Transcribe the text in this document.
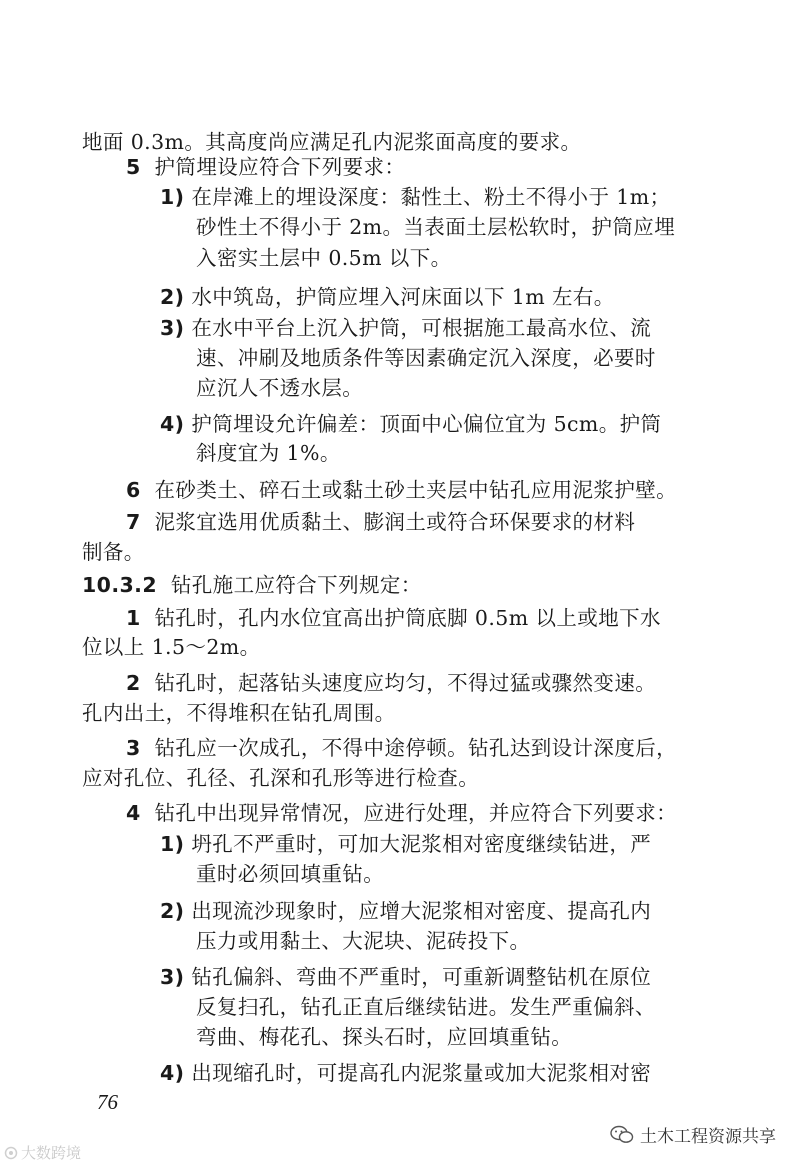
地面 0.3m。其高度尚应满足孔内泥浆面高度的要求。
5 护筒埋设应符合下列要求：
1) 在岸滩上的埋设深度：黏性土、粉土不得小于 1m；
砂性土不得小于 2m。当表面土层松软时，护筒应埋
入密实土层中 0.5m 以下。
2) 水中筑岛，护筒应埋入河床面以下 1m 左右。
3) 在水中平台上沉入护筒，可根据施工最高水位、流
速、冲刷及地质条件等因素确定沉入深度，必要时
应沉人不透水层。
4) 护筒埋设允许偏差：顶面中心偏位宜为 5cm。护筒
斜度宜为 1%。
6 在砂类土、碎石土或黏土砂土夹层中钻孔应用泥浆护壁。
7 泥浆宜选用优质黏土、膨润土或符合环保要求的材料
制备。
10.3.2 钻孔施工应符合下列规定：
1 钻孔时，孔内水位宜高出护筒底脚 0.5m 以上或地下水
位以上 1.5～2m。
2 钻孔时，起落钻头速度应均匀，不得过猛或骤然变速。
孔内出土，不得堆积在钻孔周围。
3 钻孔应一次成孔，不得中途停顿。钻孔达到设计深度后，
应对孔位、孔径、孔深和孔形等进行检查。
4 钻孔中出现异常情况，应进行处理，并应符合下列要求：
1) 坍孔不严重时，可加大泥浆相对密度继续钻进，严
重时必须回填重钻。
2) 出现流沙现象时，应增大泥浆相对密度、提高孔内
压力或用黏土、大泥块、泥砖投下。
3) 钻孔偏斜、弯曲不严重时，可重新调整钻机在原位
反复扫孔，钻孔正直后继续钻进。发生严重偏斜、
弯曲、梅花孔、探头石时，应回填重钻。
4) 出现缩孔时，可提高孔内泥浆量或加大泥浆相对密
76
土木工程资源共享
大数跨境
